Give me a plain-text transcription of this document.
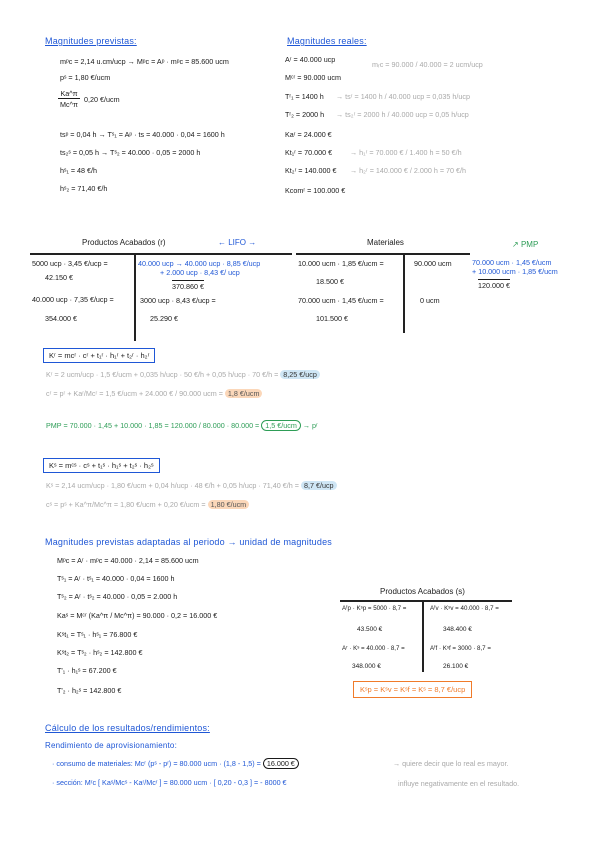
Magnitudes previstas:
mᵖc = 2,14 u.cm/ucp → Mᵖc = Aᵖ · mᵖc = 85.600 ucm
pˢ = 1,80 €/ucm
Ka^π
Mc^π
0,20 €/ucm
tsᵖ = 0,04 h → Tˢ₁ = Aᵖ · ts = 40.000 · 0,04 = 1600 h
ts₂ˢ = 0,05 h → Tˢ₂ = 40.000 · 0,05 = 2000 h
hˢ₁ = 48 €/h
hˢ₂ = 71,40 €/h
Magnitudes reales:
Aʳ = 40.000 ucp
Mᶜʳ = 90.000 ucm
Tʳ₁ = 1400 h
Tʳ₂ = 2000 h
Kaʳ = 24.000 €
Kt₁ʳ = 70.000 €
Kt₂ʳ = 140.000 €
Kcomʳ = 100.000 €
mᵣc = 90.000 / 40.000 = 2 ucm/ucp
→ tsʳ = 1400 h / 40.000 ucp = 0,035 h/ucp
→ ts₂ʳ = 2000 h / 40.000 ucp = 0,05 h/ucp
→ h₁ʳ = 70.000 € / 1.400 h = 50 €/h
→ h₂ʳ = 140.000 € / 2.000 h = 70 €/h
Productos Acabados (r)	← LIFO →
5000 ucp · 3,45 €/ucp =
42.150 €
40.000 ucp · 7,35 €/ucp =
354.000 €
40.000 ucp → 40.000 ucp · 8,85 €/ucp
+ 2.000 ucp · 8,43 €/ ucp
370.860 €
3000 ucp · 8,43 €/ucp =
25.290 €
Materiales	↗ PMP
10.000 ucm · 1,85 €/ucm =
18.500 €
70.000 ucm · 1,45 €/ucm =
101.500 €
90.000 ucm
0 ucm
70.000 ucm · 1,45 €/ucm
+ 10.000 ucm · 1,85 €/ucm
120.000 €
Kʳ = mcʳ · cʳ + t₁ʳ · h₁ʳ + t₂ʳ · h₂ʳ
Kʳ = 2 ucm/ucp · 1,5 €/ucm + 0,035 h/ucp · 50 €/h + 0,05 h/ucp · 70 €/h = 8,25 €/ucp
cʳ = pʳ + Kaʳ/Mcʳ = 1,5 €/ucm + 24.000 € / 90.000 ucm = 1,8 €/ucm
PMP = 70.000 · 1,45 + 10.000 · 1,85 = 120.000 / 80.000 · 80.000 = 1,5 €/ucm → pʳ
Kˢ = mᶜˢ · cˢ + t₁ˢ · h₁ˢ + t₂ˢ · h₂ˢ
Kˢ = 2,14 ucm/ucp · 1,80 €/ucm + 0,04 h/ucp · 48 €/h + 0,05 h/ucp · 71,40 €/h = 8,7 €/ucp
cˢ = pˢ + Ka^π/Mc^π = 1,80 €/ucm + 0,20 €/ucm = 1,80 €/ucm
Magnitudes previstas adaptadas al periodo → unidad de magnitudes
Mᵖc = Aʳ · mᵖc = 40.000 · 2,14 = 85.600 ucm
Tˢ₁ = Aʳ · tˢ₁ = 40.000 · 0,04 = 1600 h
Tˢ₂ = Aʳ · tˢ₂ = 40.000 · 0,05 = 2.000 h
Kaˢ = Mᶜʳ (Ka^π / Mc^π) = 90.000 · 0,2 = 16.000 €
Kˢt₁ = Tˢ₁ · hˢ₁ = 76.800 €
Kˢt₂ = Tˢ₂ · hˢ₂ = 142.800 €
T'₁ · h₁ˢ = 67.200 €
T'₂ · h₂ˢ = 142.800 €
Productos Acabados (s)
Aᶠp · Kˢp = 5000 · 8,7 =	Aᶠv · Kˢv = 40.000 · 8,7 =
43.500 €	348.400 €
Aʳ · Kˢ = 40.000 · 8,7 =	Aᶠf · Kˢf = 3000 · 8,7 =
348.000 €	26.100 €
Kˢp = Kˢv = Kˢf = Kˢ = 8,7 €/ucp
Cálculo de los resultados/rendimientos:
Rendimiento de aprovisionamiento:
· consumo de materiales: Mcʳ (pˢ - pʳ) = 80.000 ucm · (1,8 - 1,5) = 16.000 €	→ quiere decir que lo real es mayor.
· sección: Mʳc [ Kaˢ/Mcˢ - Kaʳ/Mcʳ ] = 80.000 ucm · [ 0,20 - 0,3 ] = - 8000 €	influye negativamente en el resultado.
